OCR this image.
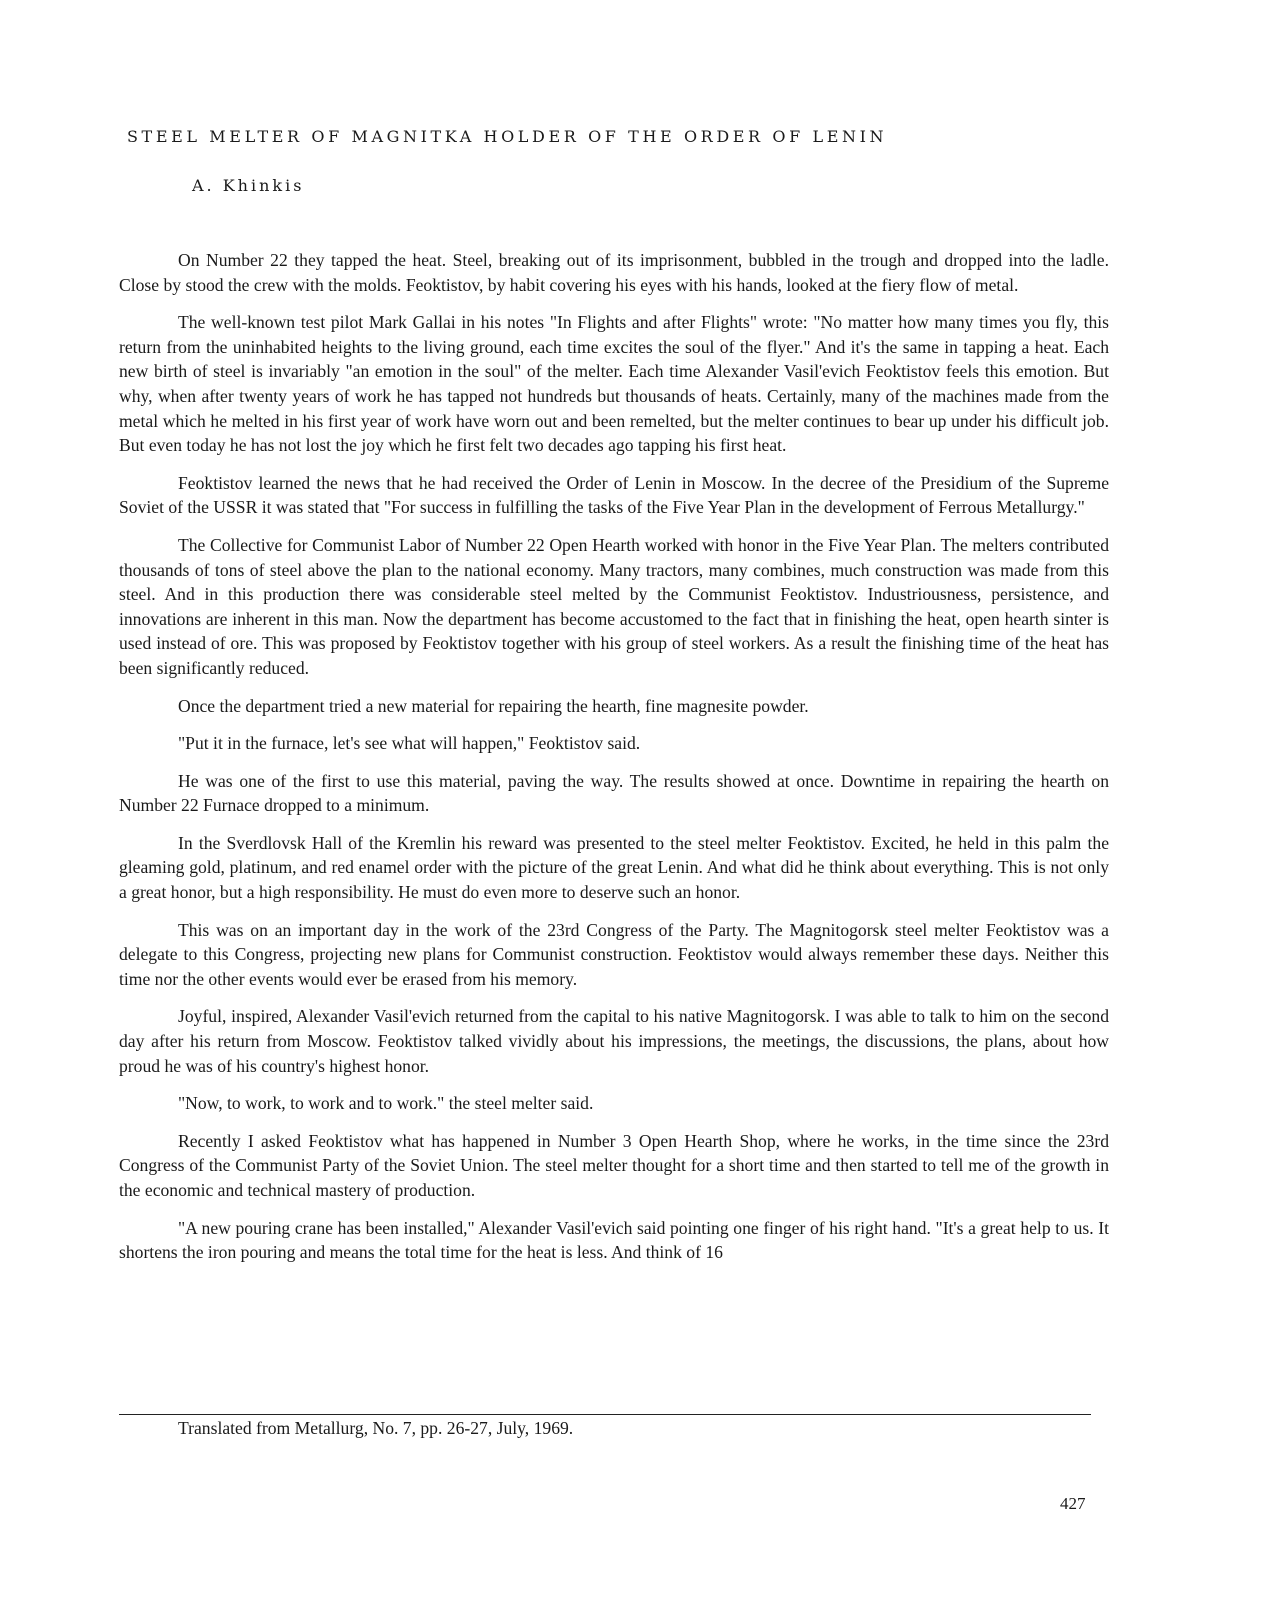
STEEL MELTER OF MAGNITKA HOLDER OF THE ORDER OF LENIN
A. Khinkis

On Number 22 they tapped the heat. Steel, breaking out of its imprisonment, bubbled in the trough and dropped into the ladle. Close by stood the crew with the molds. Feoktistov, by habit covering his eyes with his hands, looked at the fiery flow of metal.

The well-known test pilot Mark Gallai in his notes "In Flights and after Flights" wrote: "No matter how many times you fly, this return from the uninhabited heights to the living ground, each time excites the soul of the flyer." And it's the same in tapping a heat. Each new birth of steel is invariably "an emotion in the soul" of the melter. Each time Alexander Vasil'evich Feoktistov feels this emotion. But why, when after twenty years of work he has tapped not hundreds but thousands of heats. Certainly, many of the machines made from the metal which he melted in his first year of work have worn out and been remelted, but the melter continues to bear up under his difficult job. But even today he has not lost the joy which he first felt two decades ago tapping his first heat.

Feoktistov learned the news that he had received the Order of Lenin in Moscow. In the decree of the Presidium of the Supreme Soviet of the USSR it was stated that "For success in fulfilling the tasks of the Five Year Plan in the development of Ferrous Metallurgy."

The Collective for Communist Labor of Number 22 Open Hearth worked with honor in the Five Year Plan. The melters contributed thousands of tons of steel above the plan to the national economy. Many tractors, many combines, much construction was made from this steel. And in this production there was considerable steel melted by the Communist Feoktistov. Industriousness, persistence, and innovations are inherent in this man. Now the department has become accustomed to the fact that in finishing the heat, open hearth sinter is used instead of ore. This was proposed by Feoktistov together with his group of steel workers. As a result the finishing time of the heat has been significantly reduced.

Once the department tried a new material for repairing the hearth, fine magnesite powder.

"Put it in the furnace, let's see what will happen," Feoktistov said.

He was one of the first to use this material, paving the way. The results showed at once. Downtime in repairing the hearth on Number 22 Furnace dropped to a minimum.

In the Sverdlovsk Hall of the Kremlin his reward was presented to the steel melter Feoktistov. Excited, he held in this palm the gleaming gold, platinum, and red enamel order with the picture of the great Lenin. And what did he think about everything. This is not only a great honor, but a high responsibility. He must do even more to deserve such an honor.

This was on an important day in the work of the 23rd Congress of the Party. The Magnitogorsk steel melter Feoktistov was a delegate to this Congress, projecting new plans for Communist construction. Feoktistov would always remember these days. Neither this time nor the other events would ever be erased from his memory.

Joyful, inspired, Alexander Vasil'evich returned from the capital to his native Magnitogorsk. I was able to talk to him on the second day after his return from Moscow. Feoktistov talked vividly about his impressions, the meetings, the discussions, the plans, about how proud he was of his country's highest honor.

"Now, to work, to work and to work." the steel melter said.

Recently I asked Feoktistov what has happened in Number 3 Open Hearth Shop, where he works, in the time since the 23rd Congress of the Communist Party of the Soviet Union. The steel melter thought for a short time and then started to tell me of the growth in the economic and technical mastery of production.

"A new pouring crane has been installed," Alexander Vasil'evich said pointing one finger of his right hand. "It's a great help to us. It shortens the iron pouring and means the total time for the heat is less. And think of 16

Translated from Metallurg, No. 7, pp. 26-27, July, 1969.
427
